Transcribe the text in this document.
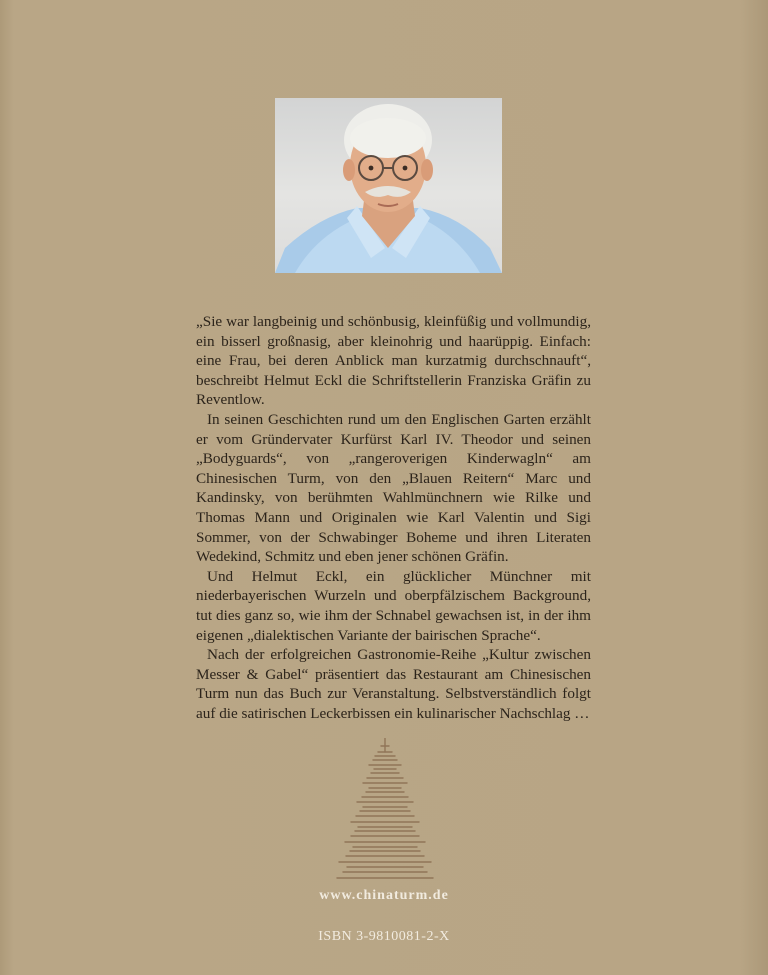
„Sie war langbeinig und schönbusig, kleinfüßig und vollmundig, ein bisserl großnasig, aber kleinohrig und haarüppig. Einfach: eine Frau, bei deren Anblick man kurzatmig durchschnauft“, beschreibt Helmut Eckl die Schriftstellerin Franziska Gräfin zu Reventlow.

In seinen Geschichten rund um den Englischen Garten erzählt er vom Gründervater Kurfürst Karl IV. Theodor und seinen „Bodyguards“, von „rangeroverigen Kinderwagln“ am Chinesischen Turm, von den „Blauen Reitern“ Marc und Kandinsky, von berühmten Wahlmünchnern wie Rilke und Thomas Mann und Originalen wie Karl Valentin und Sigi Sommer, von der Schwabinger Boheme und ihren Literaten Wedekind, Schmitz und eben jener schönen Gräfin.

Und Helmut Eckl, ein glücklicher Münchner mit niederbayerischen Wurzeln und oberpfälzischem Background, tut dies ganz so, wie ihm der Schnabel gewachsen ist, in der ihm eigenen „dialektischen Variante der bairischen Sprache“.

Nach der erfolgreichen Gastronomie-Reihe „Kultur zwischen Messer & Gabel“ präsentiert das Restaurant am Chinesischen Turm nun das Buch zur Veranstaltung. Selbstverständlich folgt auf die satirischen Leckerbissen ein kulinarischer Nachschlag …

www.chinaturm.de
ISBN 3-9810081-2-X
